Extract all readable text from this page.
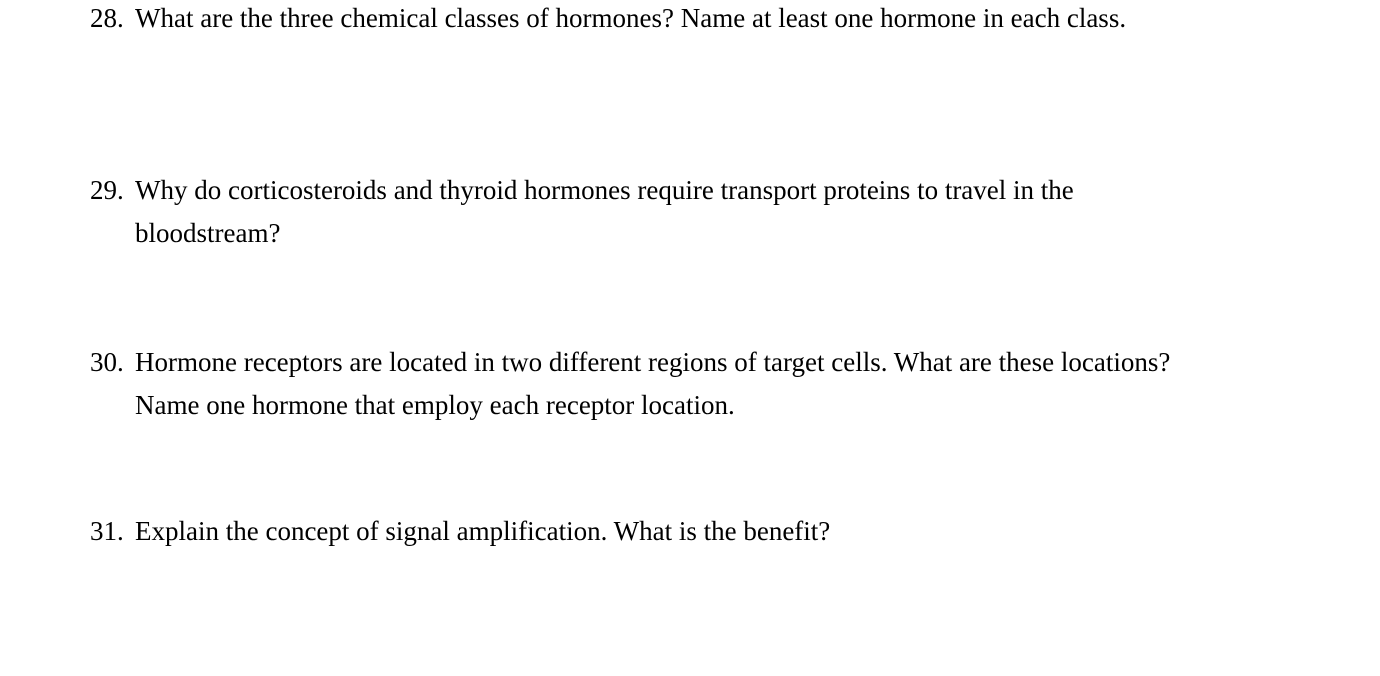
28. What are the three chemical classes of hormones? Name at least one hormone in each class.
29. Why do corticosteroids and thyroid hormones require transport proteins to travel in the
bloodstream?
30. Hormone receptors are located in two different regions of target cells. What are these locations?
Name one hormone that employ each receptor location.
31. Explain the concept of signal amplification. What is the benefit?
